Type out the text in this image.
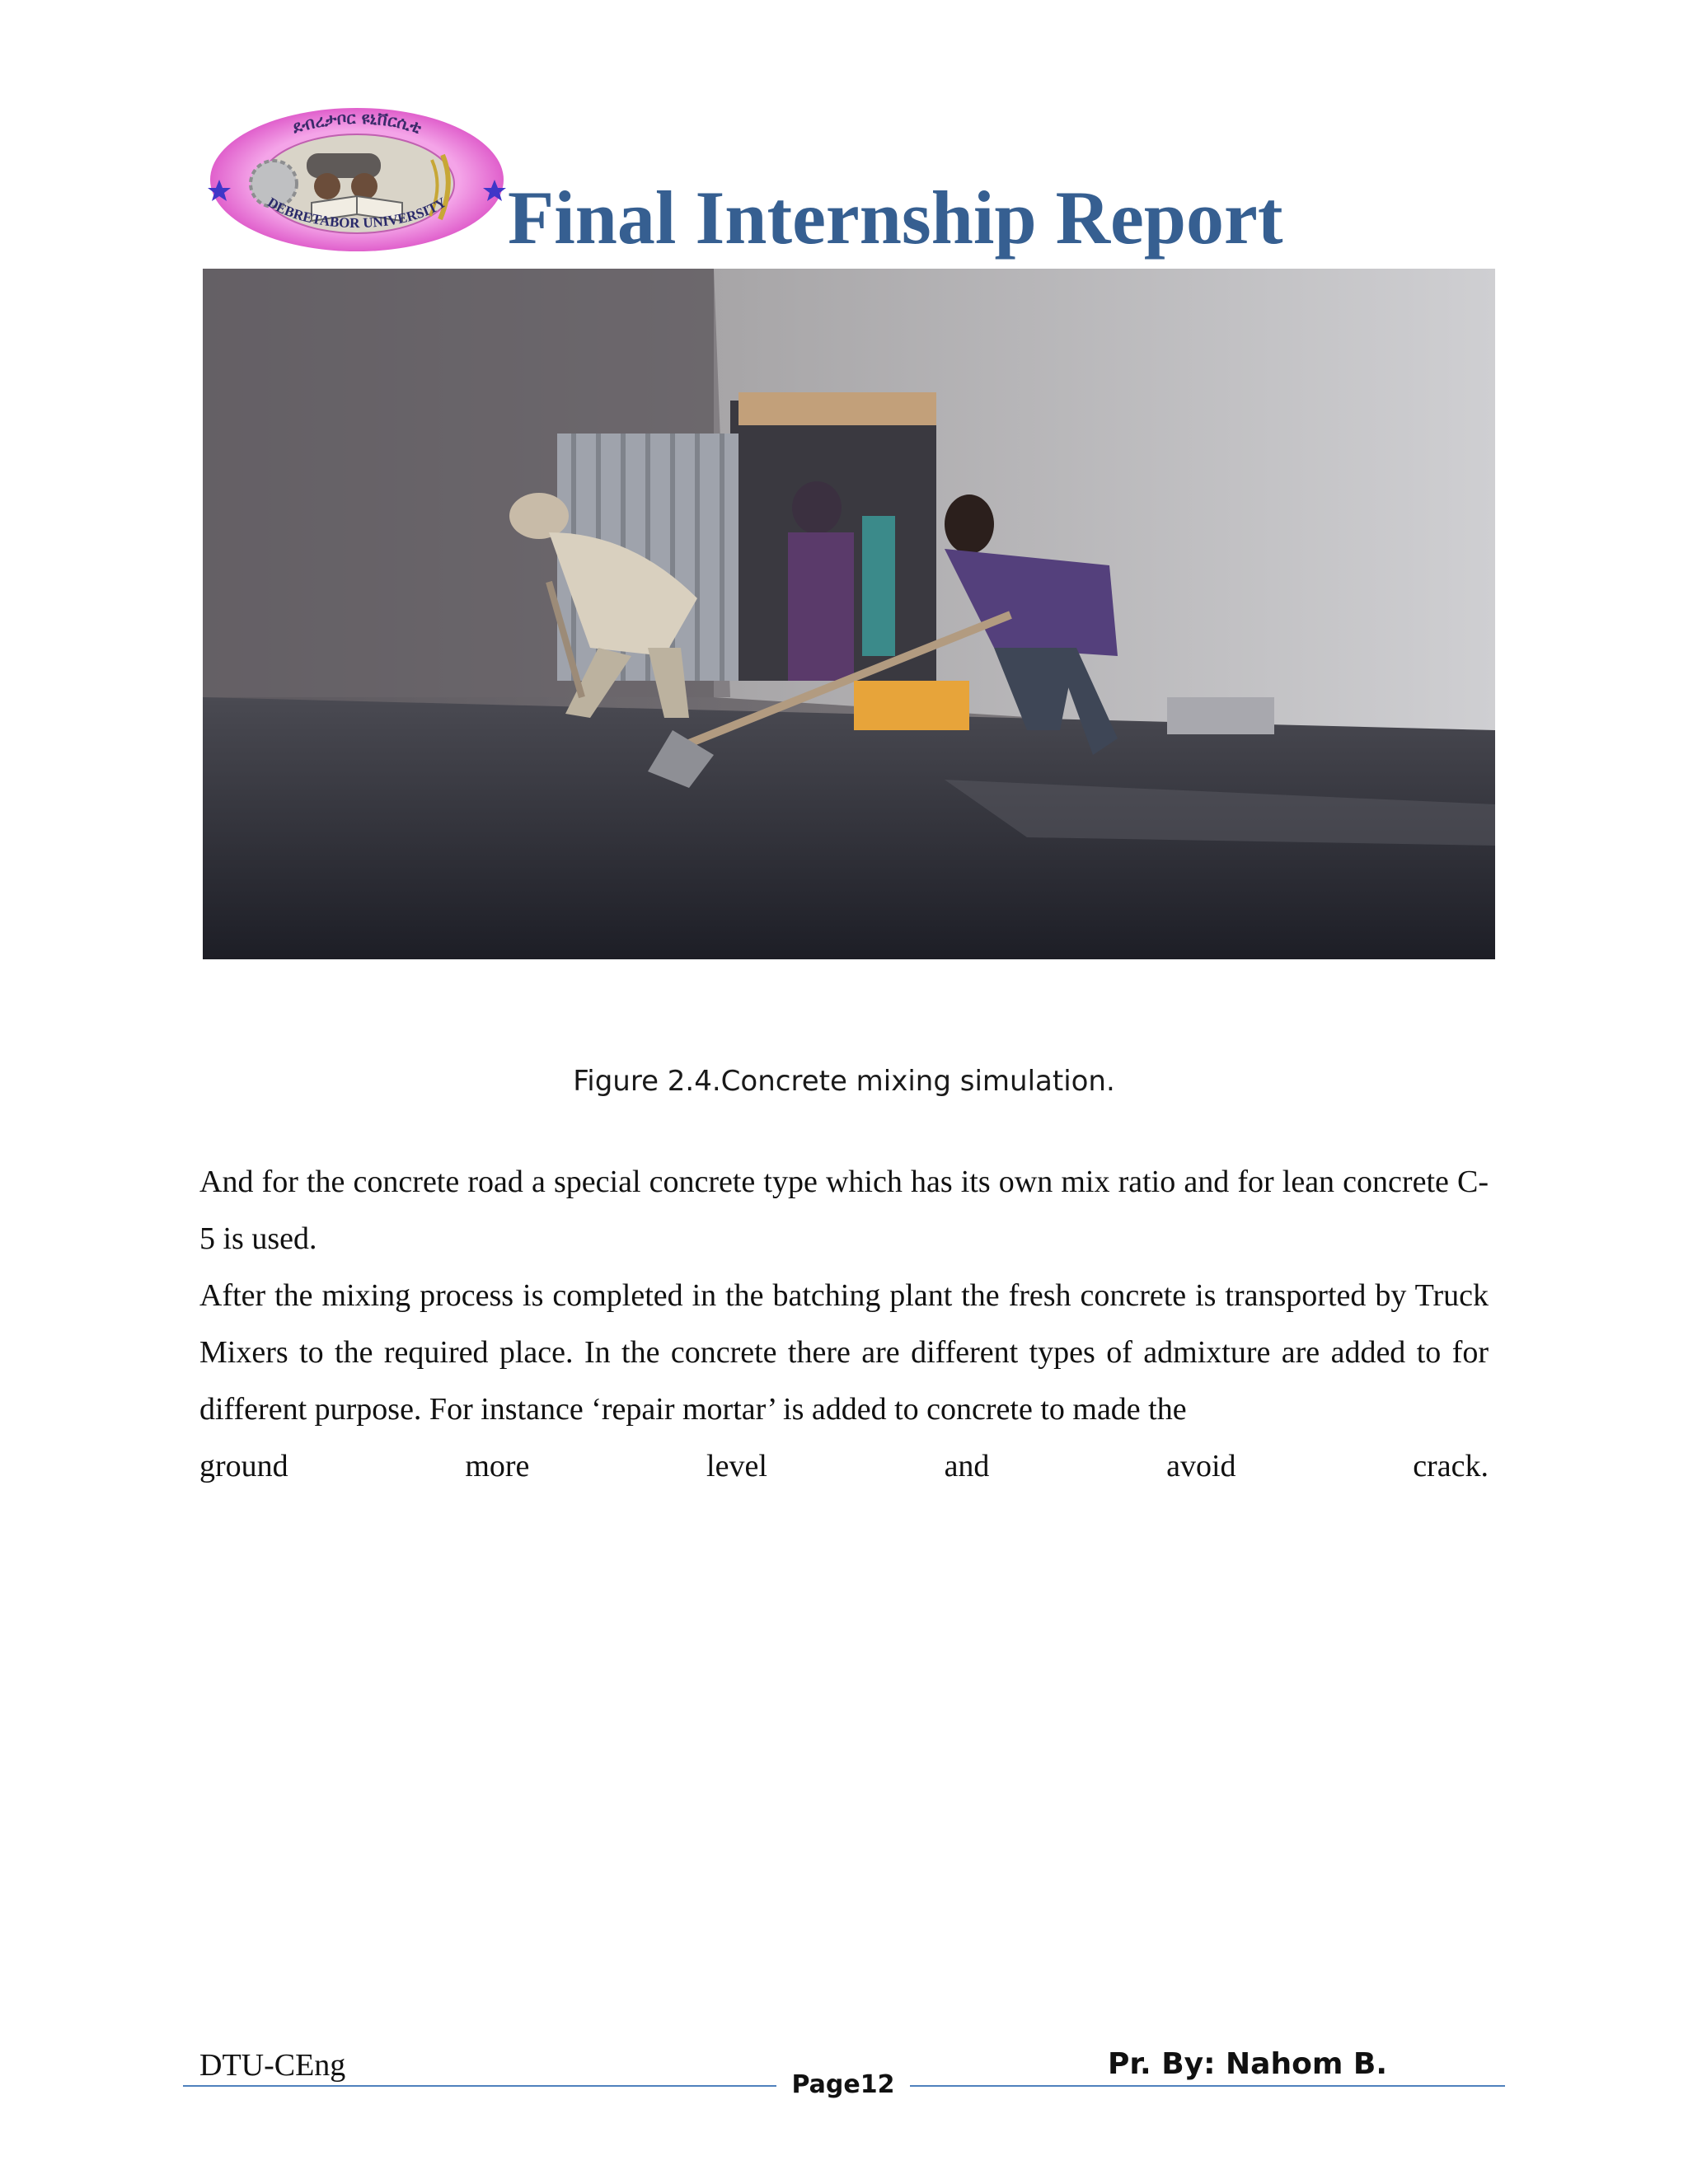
ደብረታቦር ዩኒቨርሲቲ
DEBRETABOR UNIVERSITY Final Internship Report
Figure 2.4.Concrete mixing simulation.

And for the concrete road a special concrete type which has its own mix ratio and for lean concrete C-5 is used.

After the mixing process is completed in the batching plant the fresh concrete is transported by Truck Mixers to the required place. In the concrete there are different types of admixture are added to for different purpose. For instance ‘repair mortar’ is added to concrete to made the

ground	more	level	and	avoid	crack.
DTU-CEng
Page12
Pr. By: Nahom B.
